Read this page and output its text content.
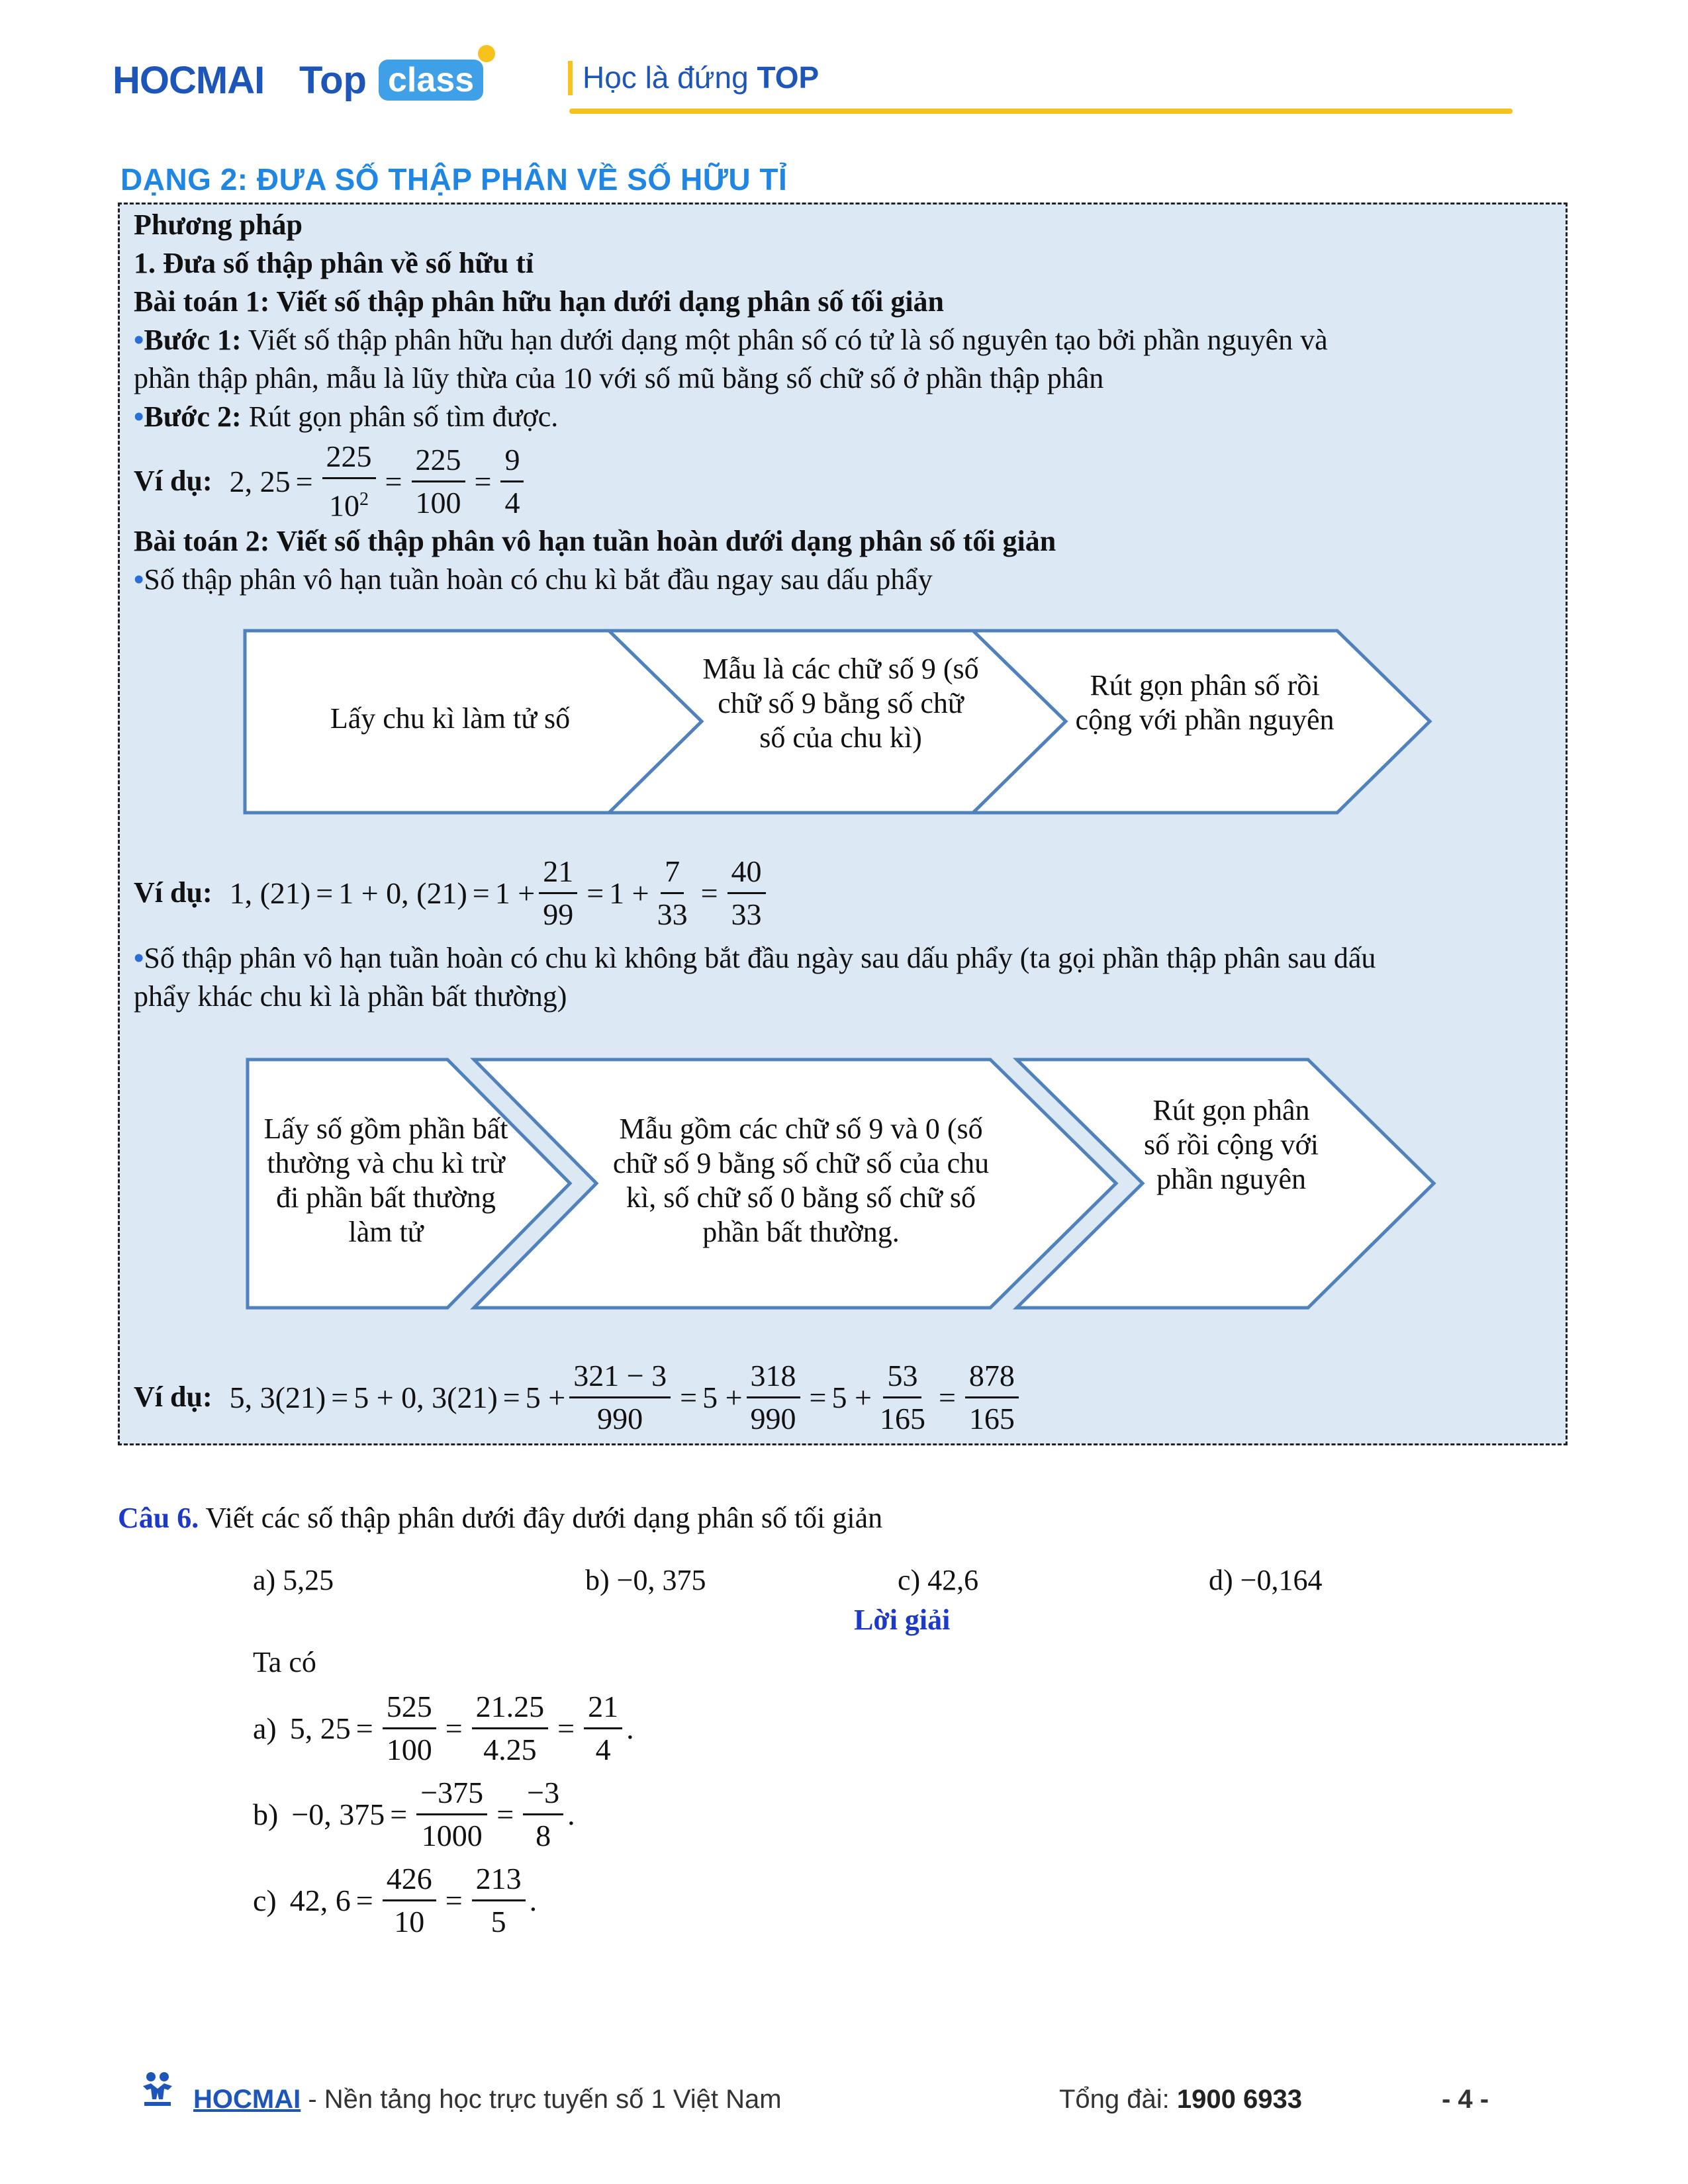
HOCMAI Top class	Học là đứng TOP
DẠNG 2: ĐƯA SỐ THẬP PHÂN VỀ SỐ HỮU TỈ
Phương pháp
1. Đưa số thập phân về số hữu tỉ
Bài toán 1: Viết số thập phân hữu hạn dưới dạng phân số tối giản
•Bước 1: Viết số thập phân hữu hạn dưới dạng một phân số có tử là số nguyên tạo bởi phần nguyên và
phần thập phân, mẫu là lũy thừa của 10 với số mũ bằng số chữ số ở phần thập phân
•Bước 2: Rút gọn phân số tìm được.
Ví dụ: 2, $25 = \frac{225}{10^2} = \frac{225}{100} = \frac{9}{4}$
Bài toán 2: Viết số thập phân vô hạn tuần hoàn dưới dạng phân số tối giản
•Số thập phân vô hạn tuần hoàn có chu kì bắt đầu ngay sau dấu phẩy
Lấy chu kì làm tử số
Mẫu là các chữ số 9 (số chữ số 9 bằng số chữ số của chu kì)
Rút gọn phân số rồi cộng với phần nguyên
Ví dụ: 1, (21) = 1 + 0, $(21) = 1 + \frac{21}{99} = 1 + \frac{7}{33} = \frac{40}{33}$
•Số thập phân vô hạn tuần hoàn có chu kì không bắt đầu ngày sau dấu phẩy (ta gọi phần thập phân sau dấu
phẩy khác chu kì là phần bất thường)
Lấy số gồm phần bất thường và chu kì trừ đi phần bất thường làm tử
Mẫu gồm các chữ số 9 và 0 (số chữ số 9 bằng số chữ số của chu kì, số chữ số 0 bằng số chữ số phần bất thường.
Rút gọn phân số rồi cộng với phần nguyên
Ví dụ: 5, 3(21) = 5 + 0, $3(21) = 5 + \frac{321 - 3}{990} = 5 + \frac{318}{990} = 5 + \frac{53}{165} = \frac{878}{165}$
Câu 6. Viết các số thập phân dưới đây dưới dạng phân số tối giản
a) 5,25	b) −0, 375	c) 42,6	d) −0,164
Lời giải
Ta có
a) 5, $25 = \frac{525}{100} = \frac{21.25}{4.25} = \frac{21}{4}$ .
b) −0, $375 = \frac{-375}{1000} = \frac{-3}{8}$ .
c) 42, $6 = \frac{426}{10} = \frac{213}{5}$ .
HOCMAI - Nền tảng học trực tuyến số 1 Việt Nam	Tổng đài: 1900 6933	- 4 -
